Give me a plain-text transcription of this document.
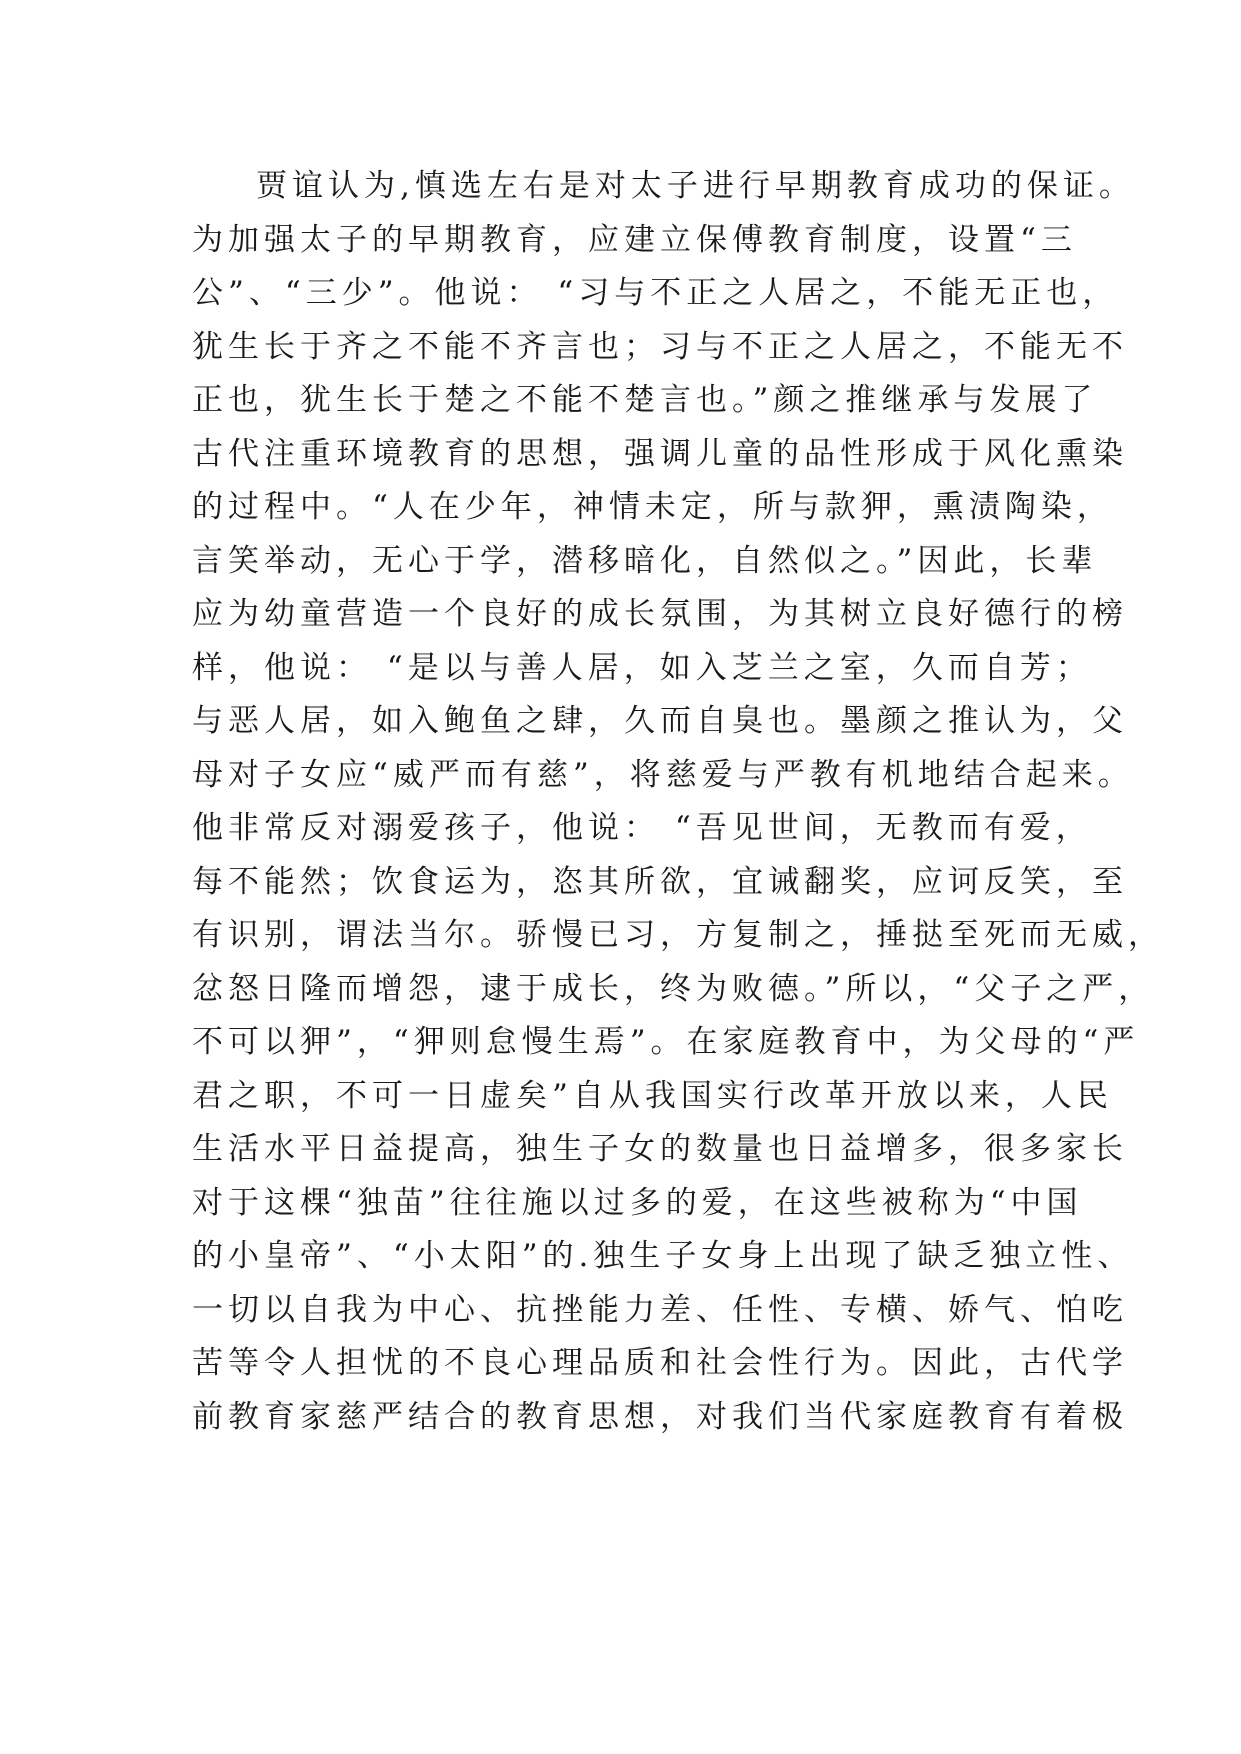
贾谊认为,慎选左右是对太子进行早期教育成功的保证。
为加强太子的早期教育，应建立保傅教育制度，设置“三
公”、“三少”。他说： “习与不正之人居之，不能无正也，
犹生长于齐之不能不齐言也；习与不正之人居之，不能无不
正也，犹生长于楚之不能不楚言也。”颜之推继承与发展了
古代注重环境教育的思想，强调儿童的品性形成于风化熏染
的过程中。“人在少年，神情未定，所与款狎，熏渍陶染，
言笑举动，无心于学，潜移暗化，自然似之。”因此，长辈
应为幼童营造一个良好的成长氛围，为其树立良好德行的榜
样，他说： “是以与善人居，如入芝兰之室，久而自芳；
与恶人居，如入鲍鱼之肆，久而自臭也。墨颜之推认为，父
母对子女应“威严而有慈”，将慈爱与严教有机地结合起来。
他非常反对溺爱孩子，他说： “吾见世间，无教而有爱，
每不能然；饮食运为，恣其所欲，宜诫翻奖，应诃反笑，至
有识别，谓法当尔。骄慢已习，方复制之，捶挞至死而无威，
忿怒日隆而增怨，逮于成长，终为败德。”所以，“父子之严，
不可以狎”，“狎则怠慢生焉”。在家庭教育中，为父母的“严
君之职，不可一日虚矣”自从我国实行改革开放以来，人民
生活水平日益提高，独生子女的数量也日益增多，很多家长
对于这棵“独苗”往往施以过多的爱，在这些被称为“中国
的小皇帝”、“小太阳”的.独生子女身上出现了缺乏独立性、
一切以自我为中心、抗挫能力差、任性、专横、娇气、怕吃
苦等令人担忧的不良心理品质和社会性行为。因此，古代学
前教育家慈严结合的教育思想，对我们当代家庭教育有着极
